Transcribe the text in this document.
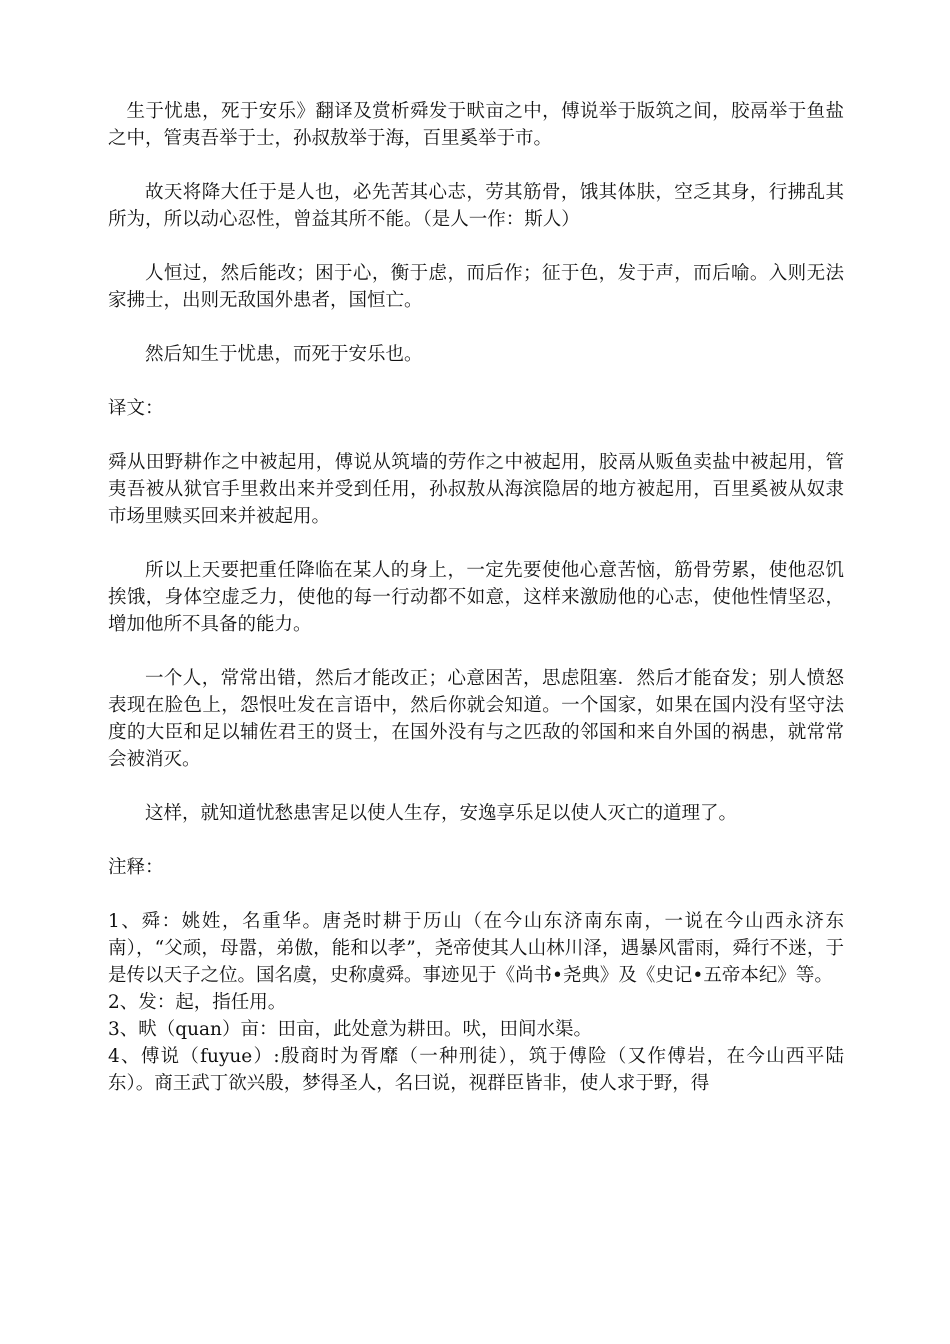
生于忧患，死于安乐》翻译及赏析舜发于畎亩之中，傅说举于版筑之间，胶鬲举于鱼盐之中，管夷吾举于士，孙叔敖举于海，百里奚举于市。

故天将降大任于是人也，必先苦其心志，劳其筋骨，饿其体肤，空乏其身，行拂乱其所为，所以动心忍性，曾益其所不能。（是人一作：斯人）

人恒过，然后能改；困于心，衡于虑，而后作；征于色，发于声，而后喻。入则无法家拂士，出则无敌国外患者，国恒亡。

然后知生于忧患，而死于安乐也。

译文：

舜从田野耕作之中被起用，傅说从筑墙的劳作之中被起用，胶鬲从贩鱼卖盐中被起用，管夷吾被从狱官手里救出来并受到任用，孙叔敖从海滨隐居的地方被起用，百里奚被从奴隶市场里赎买回来并被起用。

所以上天要把重任降临在某人的身上，一定先要使他心意苦恼，筋骨劳累，使他忍饥挨饿，身体空虚乏力，使他的每一行动都不如意，这样来激励他的心志，使他性情坚忍，增加他所不具备的能力。

一个人，常常出错，然后才能改正；心意困苦，思虑阻塞．然后才能奋发；别人愤怒表现在脸色上，怨恨吐发在言语中，然后你就会知道。一个国家，如果在国内没有坚守法度的大臣和足以辅佐君王的贤士，在国外没有与之匹敌的邻国和来自外国的祸患，就常常会被消灭。

这样，就知道忧愁患害足以使人生存，安逸享乐足以使人灭亡的道理了。

注释：

1、舜：姚姓，名重华。唐尧时耕于历山（在今山东济南东南，一说在今山西永济东南），“父顽，母嚣，弟傲，能和以孝”，尧帝使其人山林川泽，遇暴风雷雨，舜行不迷，于是传以天子之位。国名虞，史称虞舜。事迹见于《尚书•尧典》及《史记•五帝本纪》等。

2、发：起，指任用。

3、畎（quan）亩：田亩，此处意为耕田。吠，田间水渠。

4、傅说（fuyue）:殷商时为胥靡（一种刑徒），筑于傅险（又作傅岩，在今山西平陆东）。商王武丁欲兴殷，梦得圣人，名曰说，视群臣皆非，使人求于野，得
